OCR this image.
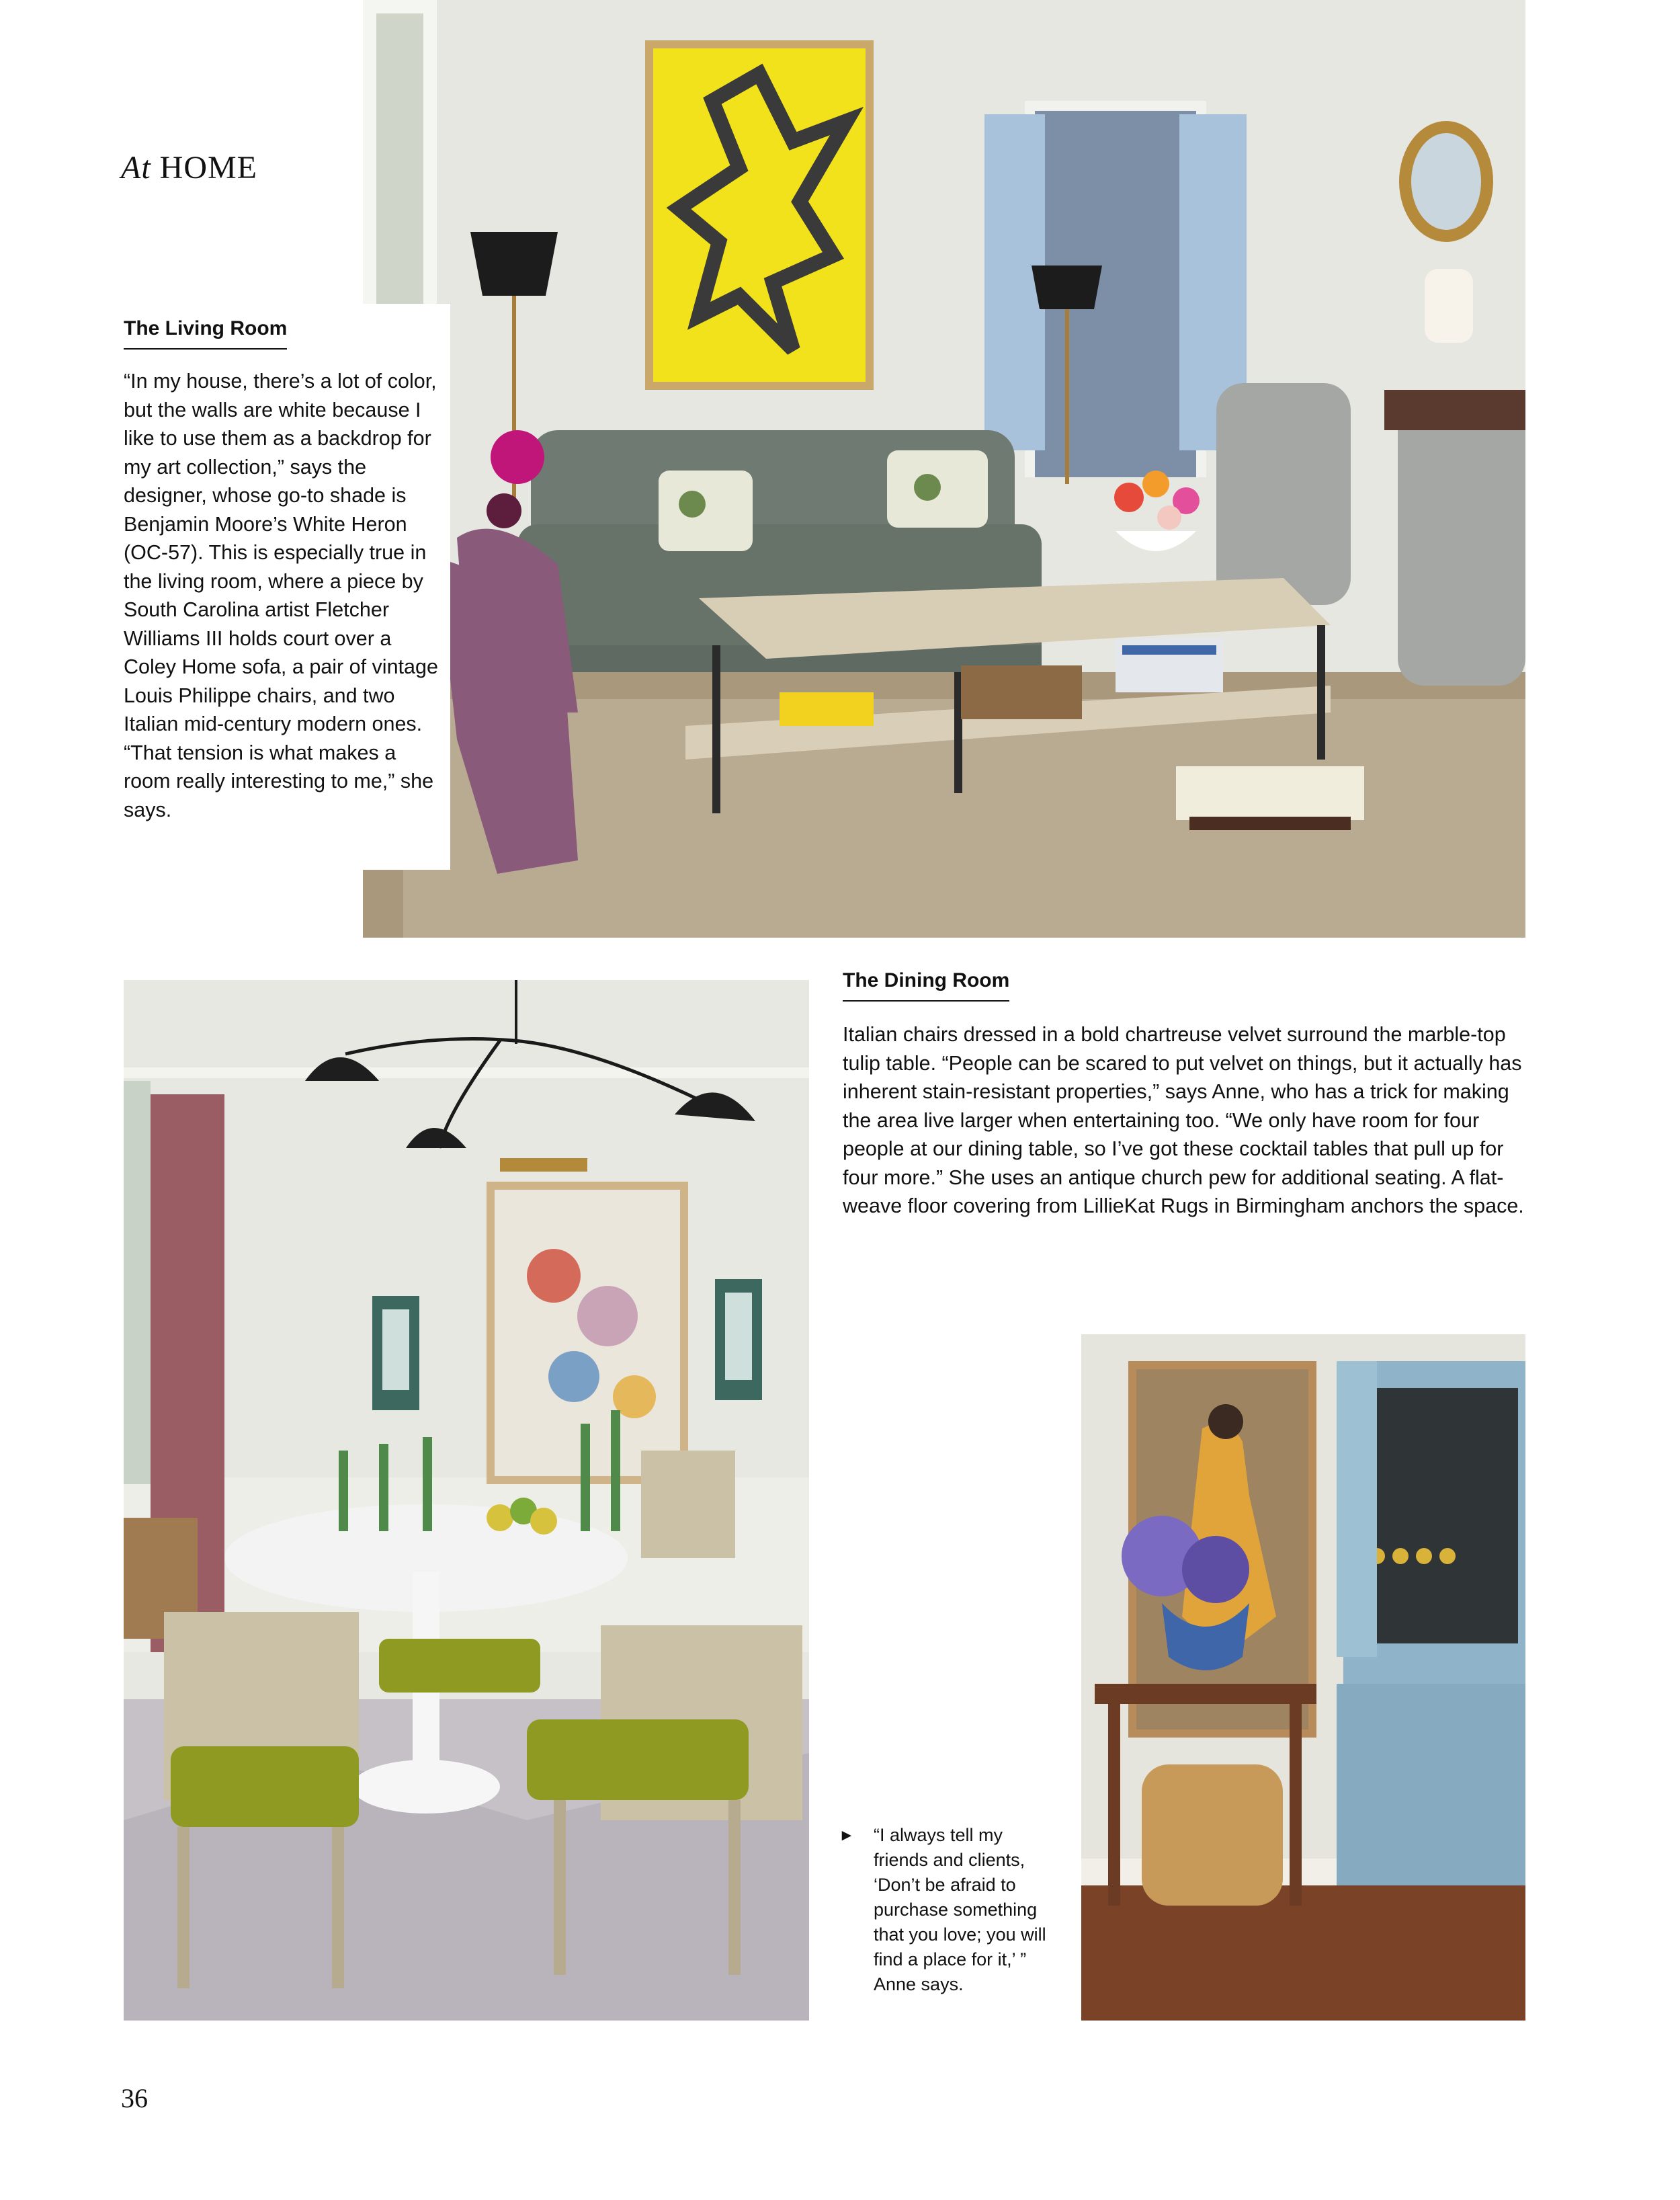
At HOME
The Living Room

“In my house, there’s a lot of color, but the walls are white because I like to use them as a backdrop for my art collection,” says the designer, whose go-to shade is Benjamin Moore’s White Heron (OC-57). This is especially true in the living room, where a piece by South Carolina artist Fletcher Williams III holds court over a Coley Home sofa, a pair of vintage Louis Philippe chairs, and two Italian mid-century modern ones. “That tension is what makes a room really interesting to me,” she says.

The Dining Room

Italian chairs dressed in a bold chartreuse velvet surround the marble-top tulip table. “People can be scared to put velvet on things, but it actually has inherent stain-resistant properties,” says Anne, who has a trick for making the area live larger when entertaining too. “We only have room for four people at our dining table, so I’ve got these cocktail tables that pull up for four more.” She uses an antique church pew for additional seating. A flat-weave floor covering from LillieKat Rugs in Birmingham anchors the space.

►	“I always tell my friends and clients, ‘Don’t be afraid to purchase something that you love; you will find a place for it,’ ” Anne says.
36
